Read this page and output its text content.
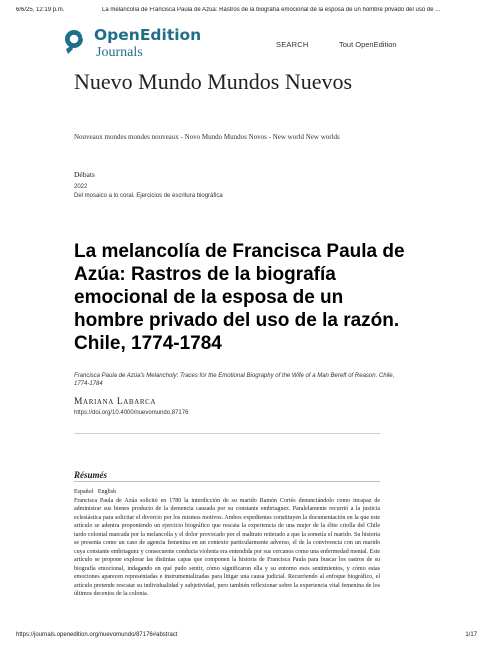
6/6/25, 12:19 p.m.	La melancolía de Francisca Paula de Azúa: Rastros de la biografía emocional de la esposa de un hombre privado del uso de ...
OpenEdition
Journals
SEARCH	Tout OpenEdition
Nuevo Mundo Mundos Nuevos

Nouveaux mondes mondes nouveaux - Novo Mundo Mundos Novos - New world New worlds

Débats
2022
Del mosaico a lo coral. Ejercicios de escritura biográfica
La melancolía de Francisca Paula de Azúa: Rastros de la biografía emocional de la esposa de un hombre privado del uso de la razón. Chile, 1774-1784

Francisca Paula de Azúa's Melancholy: Traces for the Emotional Biography of the Wife of a Man Bereft of Reason. Chile, 1774-1784

Mariana Labarca
https://doi.org/10.4000/nuevomundo.87176
Résumés
Español English

Francisca Paula de Azúa solicitó en 1780 la interdicción de su marido Ramón Cortés denunciándolo como incapaz de administrar sus bienes producto de la demencia causada por su constante embriaguez. Paralelamente recurrió a la justicia eclesiástica para solicitar el divorcio por los mismos motivos. Ambos expedientes constituyen la documentación en la que este artículo se adentra proponiendo un ejercicio biográfico que rescata la experiencia de una mujer de la élite criolla del Chile tardo colonial marcada por la melancolía y el dolor provocado por el maltrato reiterado a que la sometía el marido. Su historia se presenta como un caso de agencia femenina en un contexto particularmente adverso, el de la convivencia con un marido cuya constante embriaguez y consecuente conducta violenta era entendida por sus cercanos como una enfermedad mental. Este artículo se propone explorar las distintas capas que componen la historia de Francisca Paula para buscar los rastros de su biografía emocional, indagando en qué pudo sentir, cómo significaron ella y su entorno esos sentimientos, y cómo estas emociones aparecen representadas e instrumentalizadas para litigar una causa judicial. Recurriendo al enfoque biográfico, el artículo pretende rescatar su individualidad y subjetividad, pero también reflexionar sobre la experiencia vital femenina de los últimos decenios de la colonia.

https://journals.openedition.org/nuevomundo/87176#abstract	1/17
